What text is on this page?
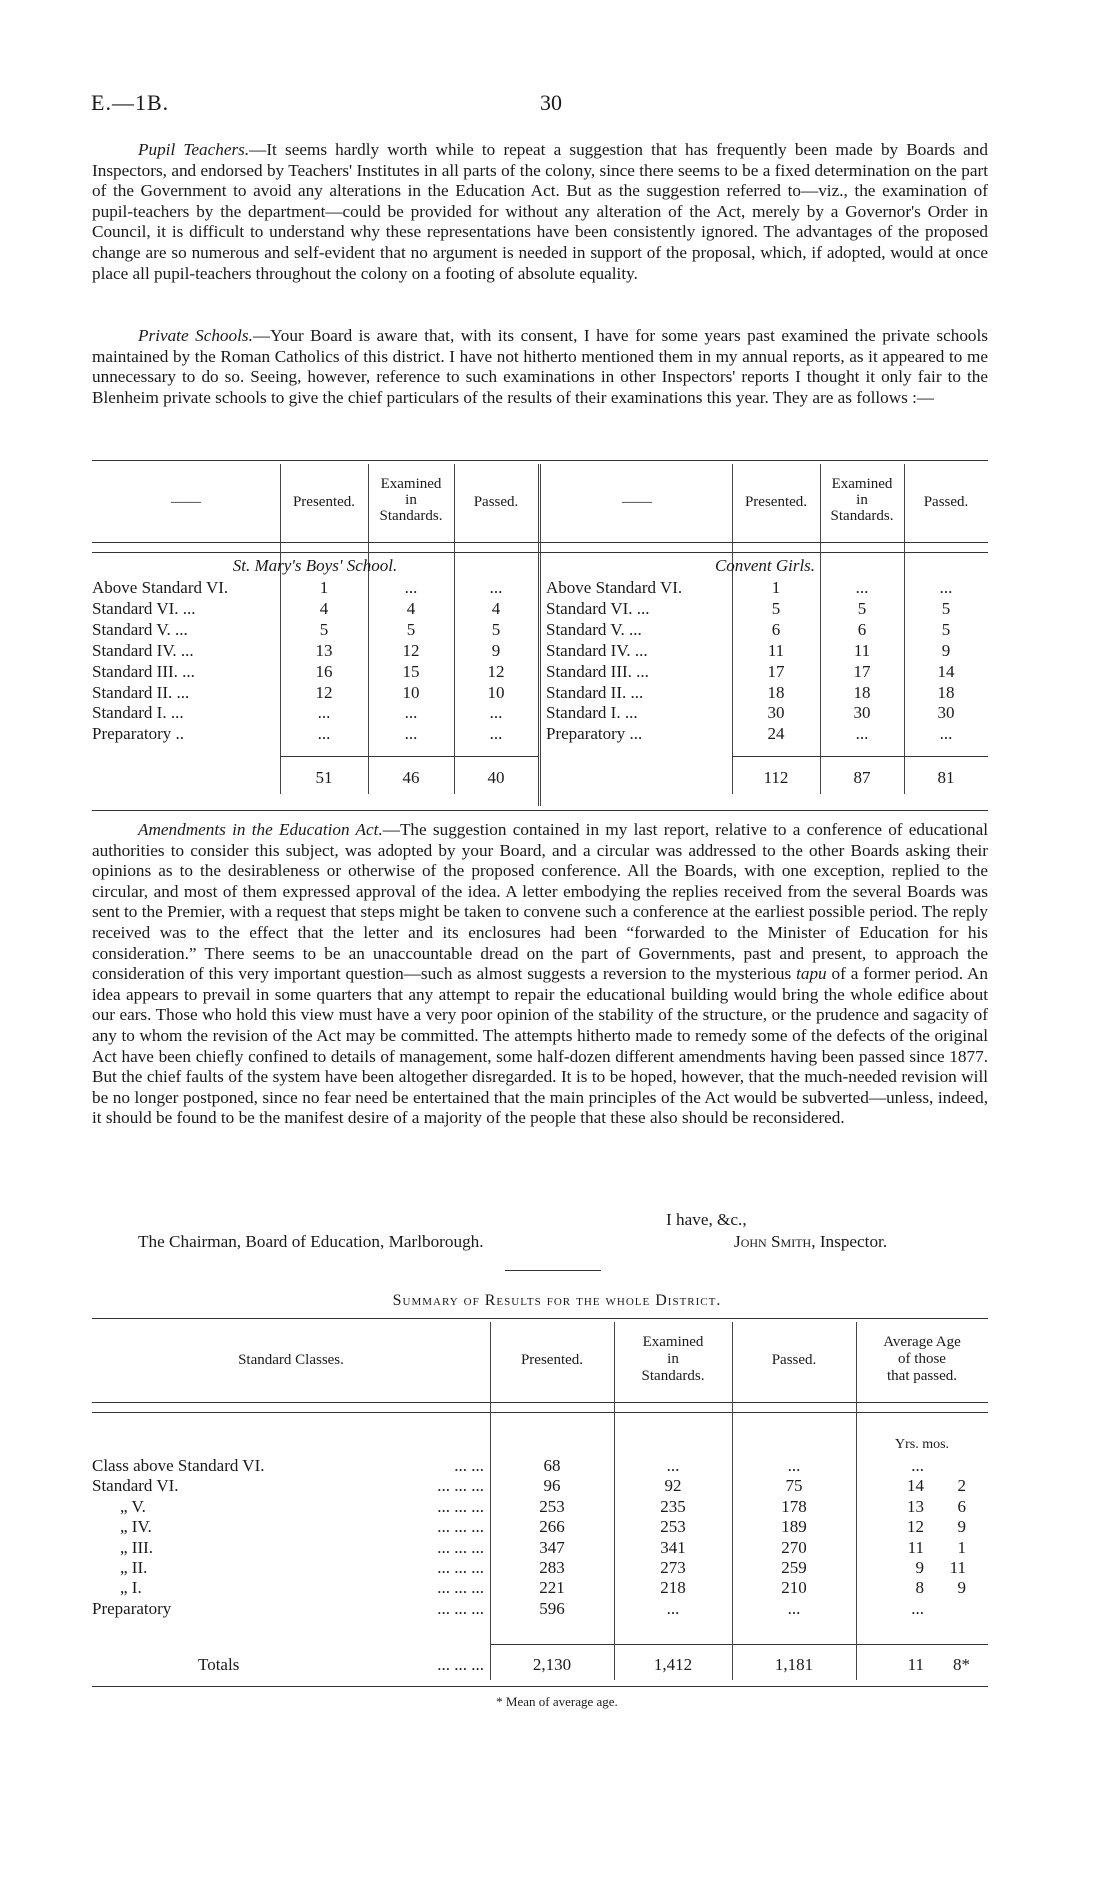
E.—1B.	30

Pupil Teachers.—It seems hardly worth while to repeat a suggestion that has frequently been made by Boards and Inspectors, and endorsed by Teachers' Institutes in all parts of the colony, since there seems to be a fixed determination on the part of the Government to avoid any alterations in the Education Act. But as the suggestion referred to—viz., the examination of pupil-teachers by the department—could be provided for without any alteration of the Act, merely by a Governor's Order in Council, it is difficult to understand why these representations have been consistently ignored. The advantages of the proposed change are so numerous and self-evident that no argument is needed in support of the proposal, which, if adopted, would at once place all pupil-teachers throughout the colony on a footing of absolute equality.

Private Schools.—Your Board is aware that, with its consent, I have for some years past examined the private schools maintained by the Roman Catholics of this district. I have not hitherto mentioned them in my annual reports, as it appeared to me unnecessary to do so. Seeing, however, reference to such examinations in other Inspectors' reports I thought it only fair to the Blenheim private schools to give the chief particulars of the results of their examinations this year. They are as follows :—

——	Presented.
Examined
in
Standards.
Passed.	——	Presented.
Examined
in
Standards.
Passed.
St. Mary's Boys' School.	Convent Girls.
Above Standard VI.	1	...	...
Standard VI. ...	4	4	4
Standard V. ...	5	5	5
Standard IV. ...	13	12	9
Standard III. ...	16	15	12
Standard II. ...	12	10	10
Standard I. ...	...	...	...
Preparatory ..	...	...	...
51	46	40
Above Standard VI.	1	...	...
Standard VI. ...	5	5	5
Standard V. ...	6	6	5
Standard IV. ...	11	11	9
Standard III. ...	17	17	14
Standard II. ...	18	18	18
Standard I. ...	30	30	30
Preparatory ...	24	...	...
112	87	81

Amendments in the Education Act.—The suggestion contained in my last report, relative to a conference of educational authorities to consider this subject, was adopted by your Board, and a circular was addressed to the other Boards asking their opinions as to the desirableness or otherwise of the proposed conference. All the Boards, with one exception, replied to the circular, and most of them expressed approval of the idea. A letter embodying the replies received from the several Boards was sent to the Premier, with a request that steps might be taken to convene such a conference at the earliest possible period. The reply received was to the effect that the letter and its enclosures had been “forwarded to the Minister of Education for his consideration.” There seems to be an unaccountable dread on the part of Governments, past and present, to approach the consideration of this very important question—such as almost suggests a reversion to the mysterious tapu of a former period. An idea appears to prevail in some quarters that any attempt to repair the educational building would bring the whole edifice about our ears. Those who hold this view must have a very poor opinion of the stability of the structure, or the prudence and sagacity of any to whom the revision of the Act may be committed. The attempts hitherto made to remedy some of the defects of the original Act have been chiefly confined to details of management, some half-dozen different amendments having been passed since 1877. But the chief faults of the system have been altogether disregarded. It is to be hoped, however, that the much-needed revision will be no longer postponed, since no fear need be entertained that the main principles of the Act would be subverted—unless, indeed, it should be found to be the manifest desire of a majority of the people that these also should be reconsidered.

I have, &c.,
The Chairman, Board of Education, Marlborough.	John Smith, Inspector.
Summary of Results for the whole District.
Standard Classes.	Presented.
Examined
in
Standards.
Passed.
Average Age
of those
that passed.
Yrs. mos.
Class above Standard VI.	... ...	68	...	...	...
Standard VI.	... ... ...	96	92	75	14	2
„ V.	... ... ...	253	235	178	13	6
„ IV.	... ... ...	266	253	189	12	9
„ III.	... ... ...	347	341	270	11	1
„ II.	... ... ...	283	273	259	9	11
„ I.	... ... ...	221	218	210	8	9
Preparatory	... ... ...	596	...	...	...
Totals	... ... ...	2,130	1,412	1,181	11	8*
* Mean of average age.
